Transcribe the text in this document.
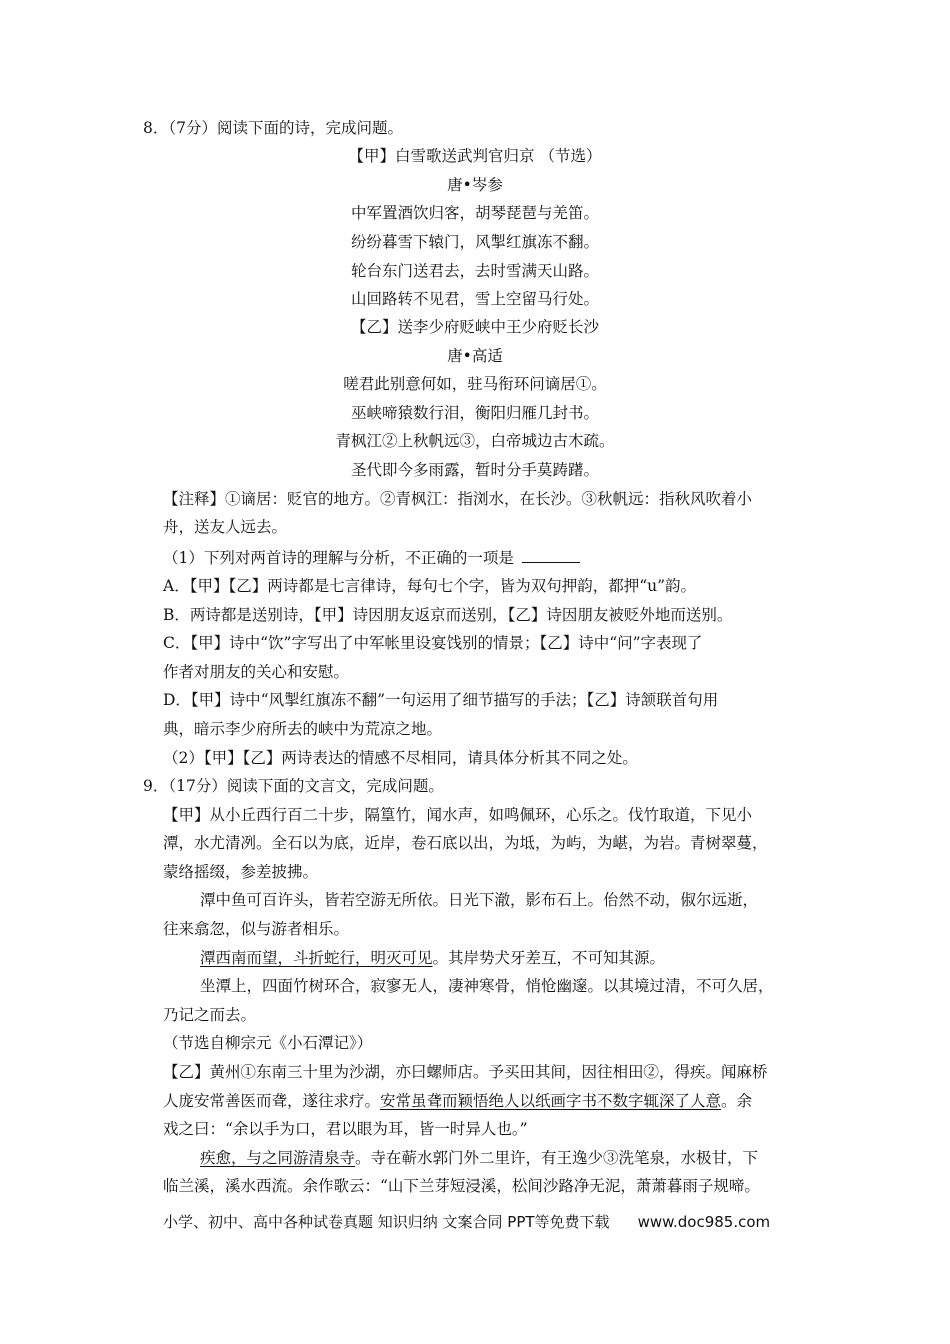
8．（7分）阅读下面的诗，完成问题。
【甲】白雪歌送武判官归京 （节选）
唐•岑参
中军置酒饮归客，胡琴琵琶与羌笛。
纷纷暮雪下辕门，风掣红旗冻不翻。
轮台东门送君去，去时雪满天山路。
山回路转不见君，雪上空留马行处。
【乙】送李少府贬峡中王少府贬长沙
唐•高适
嗟君此别意何如，驻马衔环问谪居①。
巫峡啼猿数行泪，衡阳归雁几封书。
青枫江②上秋帆远③，白帝城边古木疏。
圣代即今多雨露，暂时分手莫踌躇。
【注释】①谪居：贬官的地方。②青枫江：指浏水，在长沙。③秋帆远：指秋风吹着小
舟，送友人远去。
（1）下列对两首诗的理解与分析，不正确的一项是
A．【甲】【乙】两诗都是七言律诗，每句七个字，皆为双句押韵，都押“u”韵。
B．两诗都是送别诗，【甲】诗因朋友返京而送别，【乙】诗因朋友被贬外地而送别。
C．【甲】诗中“饮”字写出了中军帐里设宴饯别的情景；【乙】诗中“问”字表现了
作者对朋友的关心和安慰。
D．【甲】诗中“风掣红旗冻不翻”一句运用了细节描写的手法；【乙】诗颔联首句用
典，暗示李少府所去的峡中为荒凉之地。
（2）【甲】【乙】两诗表达的情感不尽相同，请具体分析其不同之处。
9．（17分）阅读下面的文言文，完成问题。
【甲】从小丘西行百二十步，隔篁竹，闻水声，如鸣佩环，心乐之。伐竹取道，下见小
潭，水尤清冽。全石以为底，近岸，卷石底以出，为坻，为屿，为嵁，为岩。青树翠蔓，
蒙络摇缀，参差披拂。
潭中鱼可百许头，皆若空游无所依。日光下澈，影布石上。佁然不动，俶尔远逝，
往来翕忽，似与游者相乐。
潭西南而望，斗折蛇行，明灭可见。其岸势犬牙差互，不可知其源。
坐潭上，四面竹树环合，寂寥无人，凄神寒骨，悄怆幽邃。以其境过清，不可久居，
乃记之而去。
（节选自柳宗元《小石潭记》）
【乙】黄州①东南三十里为沙湖，亦曰螺师店。予买田其间，因往相田②，得疾。闻麻桥
人庞安常善医而聋，遂往求疗。安常虽聋而颖悟绝人以纸画字书不数字辄深了人意。余
戏之曰：“余以手为口，君以眼为耳，皆一时异人也。”
疾愈，与之同游清泉寺。寺在蕲水郭门外二里许，有王逸少③洗笔泉，水极甘，下
临兰溪，溪水西流。余作歌云：“山下兰芽短浸溪，松间沙路净无泥，萧萧暮雨子规啼。
小学、初中、高中各种试卷真题 知识归纳 文案合同 PPT等免费下载 www.doc985.com
